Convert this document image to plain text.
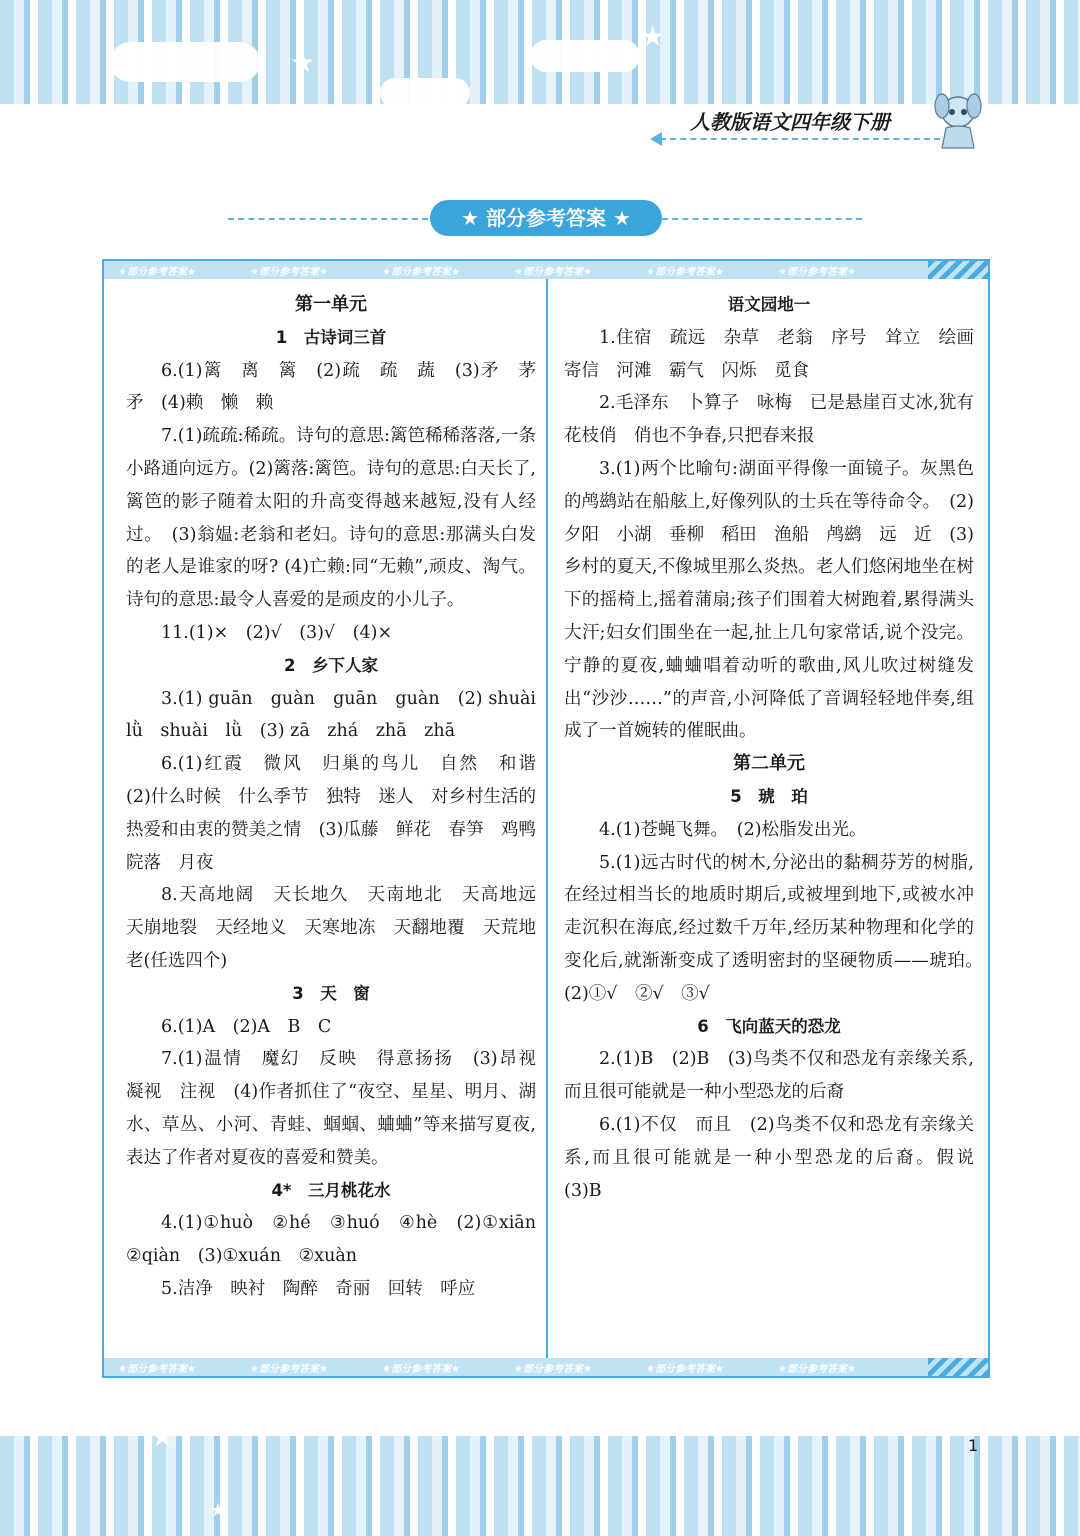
★
★
人教版语文四年级下册
★ 部分参考答案 ★
★部分参考答案★	★部分参考答案★	★部分参考答案★	★部分参考答案★	★部分参考答案★	★部分参考答案★

第一单元

1　古诗词三首

6.(1)篱　离　篱　(2)疏　疏　蔬　(3)矛　茅　矛　(4)赖　懒　赖

7.(1)疏疏:稀疏。诗句的意思:篱笆稀稀落落,一条小路通向远方。(2)篱落:篱笆。诗句的意思:白天长了,篱笆的影子随着太阳的升高变得越来越短,没有人经过。　(3)翁媪:老翁和老妇。诗句的意思:那满头白发的老人是谁家的呀? (4)亡赖:同“无赖”,顽皮、淘气。诗句的意思:最令人喜爱的是顽皮的小儿子。

11.(1)×　(2)√　(3)√　(4)×

2　乡下人家

3.(1) guān　guàn　guān　guàn　(2) shuài　lǜ　shuài　lǜ　(3) zā　zhá　zhā　zhā

6.(1)红霞　微风　归巢的鸟儿　自然　和谐　(2)什么时候　什么季节　独特　迷人　对乡村生活的热爱和由衷的赞美之情　(3)瓜藤　鲜花　春笋　鸡鸭　院落　月夜

8.天高地阔　天长地久　天南地北　天高地远　天崩地裂　天经地义　天寒地冻　天翻地覆　天荒地老(任选四个)

3　天　窗

6.(1)A　(2)A　B　C

7.(1)温情　魔幻　反映　得意扬扬　(3)昂视　凝视　注视　(4)作者抓住了“夜空、星星、明月、湖水、草丛、小河、青蛙、蝈蝈、蛐蛐”等来描写夏夜,表达了作者对夏夜的喜爱和赞美。

4*　三月桃花水

4.(1)①huò　②hé　③huó　④hè　(2)①xiān　②qiàn　(3)①xuán　②xuàn

5.洁净　映衬　陶醉　奇丽　回转　呼应

语文园地一

1.住宿　疏远　杂草　老翁　序号　耸立　绘画　寄信　河滩　霸气　闪烁　觅食

2.毛泽东　卜算子　咏梅　已是悬崖百丈冰,犹有花枝俏　俏也不争春,只把春来报

3.(1)两个比喻句:湖面平得像一面镜子。灰黑色的鸬鹚站在船舷上,好像列队的士兵在等待命令。　(2)夕阳　小湖　垂柳　稻田　渔船　鸬鹚　远　近　(3)乡村的夏天,不像城里那么炎热。老人们悠闲地坐在树下的摇椅上,摇着蒲扇;孩子们围着大树跑着,累得满头大汗;妇女们围坐在一起,扯上几句家常话,说个没完。宁静的夏夜,蛐蛐唱着动听的歌曲,风儿吹过树缝发出“沙沙……”的声音,小河降低了音调轻轻地伴奏,组成了一首婉转的催眠曲。

第二单元

5　琥　珀

4.(1)苍蝇飞舞。　(2)松脂发出光。

5.(1)远古时代的树木,分泌出的黏稠芬芳的树脂,在经过相当长的地质时期后,或被埋到地下,或被水冲走沉积在海底,经过数千万年,经历某种物理和化学的变化后,就渐渐变成了透明密封的坚硬物质——琥珀。　(2)①√　②√　③√

6　飞向蓝天的恐龙

2.(1)B　(2)B　(3)鸟类不仅和恐龙有亲缘关系,而且很可能就是一种小型恐龙的后裔

6.(1)不仅　而且　(2)鸟类不仅和恐龙有亲缘关系,而且很可能就是一种小型恐龙的后裔。假说　(3)B

★部分参考答案★	★部分参考答案★	★部分参考答案★	★部分参考答案★	★部分参考答案★	★部分参考答案★
★
★
1
